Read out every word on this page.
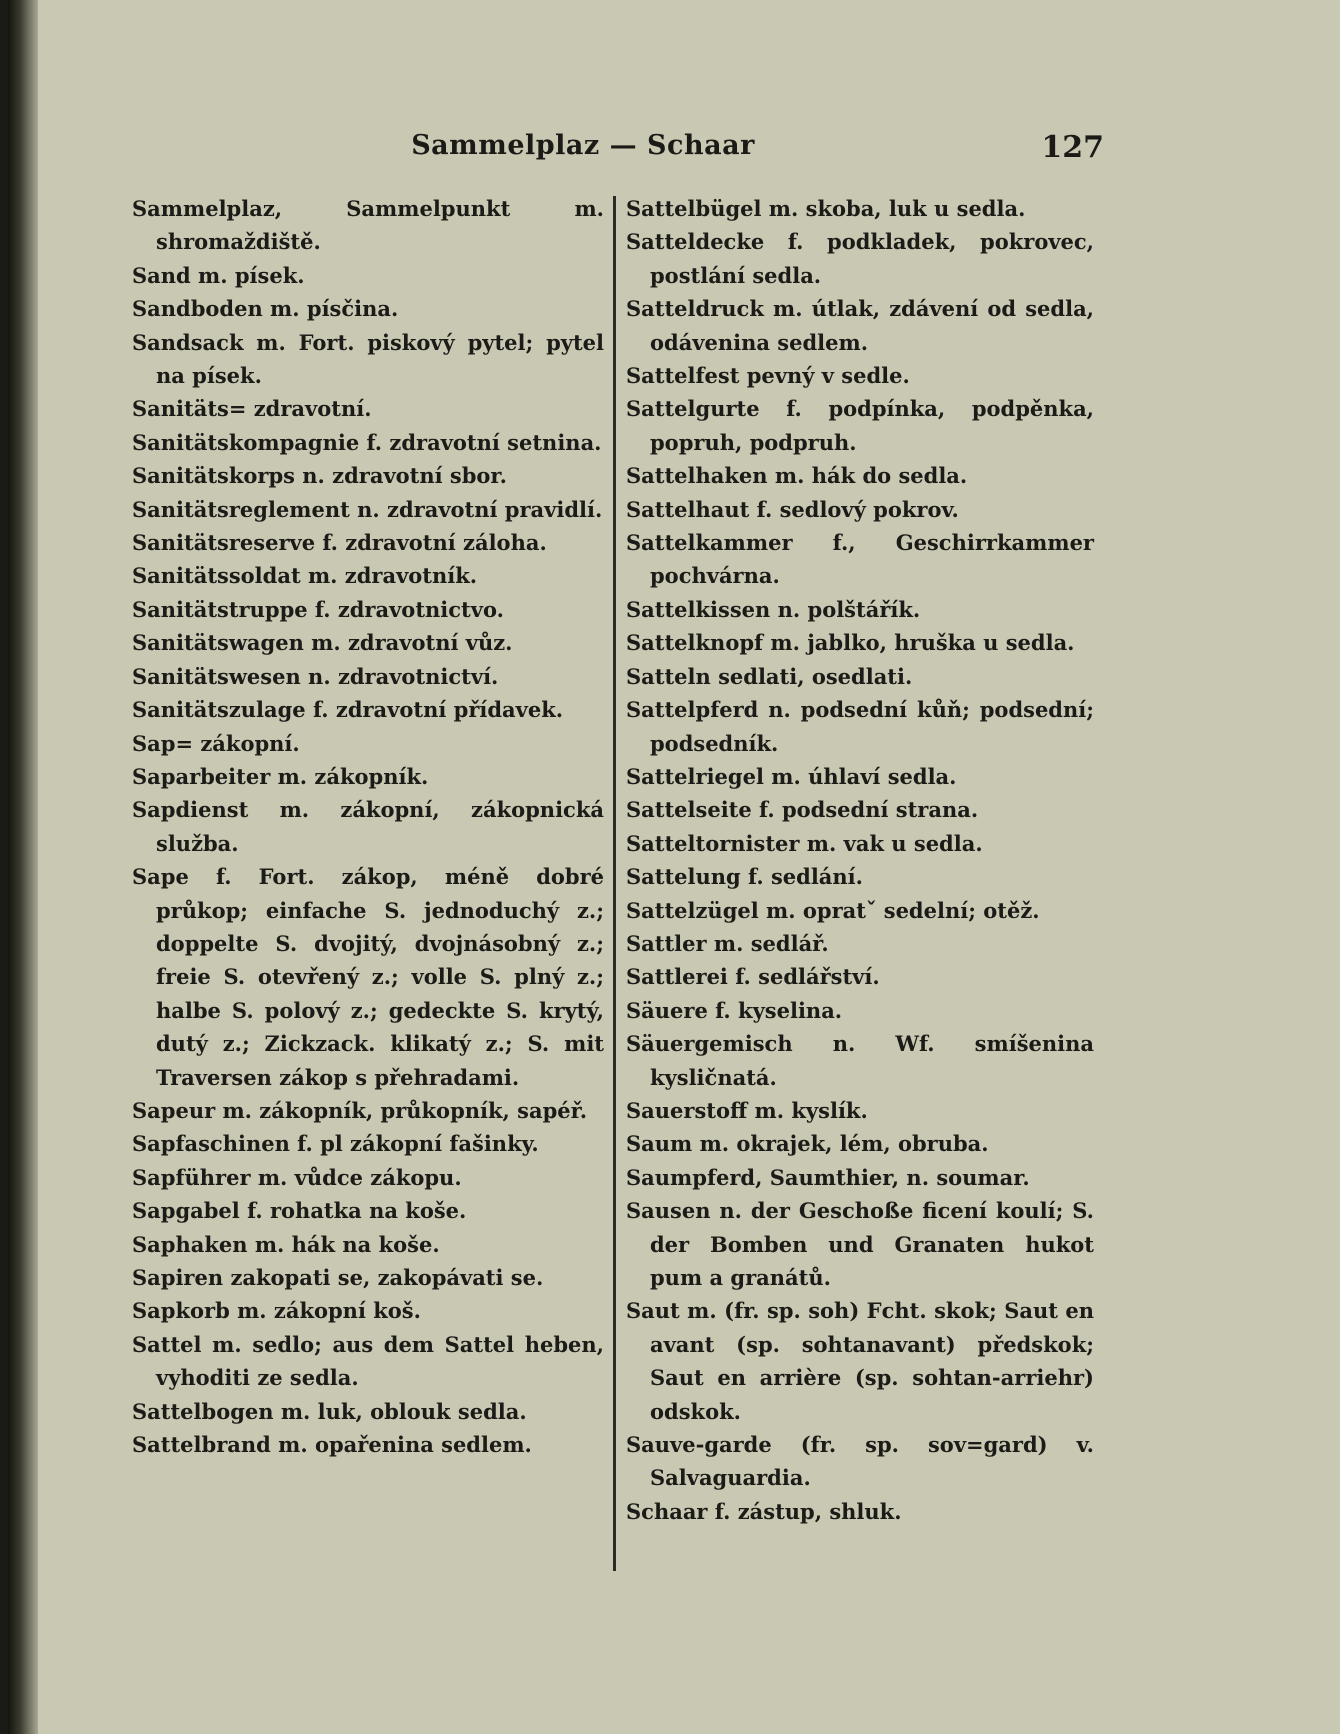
Sammelplaz — Schaar	127

Sammelplaz, Sammelpunkt m. shromaždiště.

Sand m. písek.

Sandboden m. písčina.

Sandsack m. Fort. piskový pytel; pytel na písek.

Sanitäts= zdravotní.

Sanitätskompagnie f. zdravotní setnina.

Sanitätskorps n. zdravotní sbor.

Sanitätsreglement n. zdravotní pravidlí.

Sanitätsreserve f. zdravotní záloha.

Sanitätssoldat m. zdravotník.

Sanitätstruppe f. zdravotnictvo.

Sanitätswagen m. zdravotní vůz.

Sanitätswesen n. zdravotnictví.

Sanitätszulage f. zdravotní přídavek.

Sap= zákopní.

Saparbeiter m. zákopník.

Sapdienst m. zákopní, zákopnická služba.

Sape f. Fort. zákop, méně dobré průkop; einfache S. jednoduchý z.; doppelte S. dvojitý, dvojnásobný z.; freie S. otevřený z.; volle S. plný z.; halbe S. polový z.; gedeckte S. krytý, dutý z.; Zickzack. klikatý z.; S. mit Traversen zákop s přehradami.

Sapeur m. zákopník, průkopník, sapéř.

Sapfaschinen f. pl zákopní fašinky.

Sapführer m. vůdce zákopu.

Sapgabel f. rohatka na koše.

Saphaken m. hák na koše.

Sapiren zakopati se, zakopávati se.

Sapkorb m. zákopní koš.

Sattel m. sedlo; aus dem Sattel heben, vyhoditi ze sedla.

Sattelbogen m. luk, oblouk sedla.

Sattelbrand m. opařenina sedlem.

Sattelbügel m. skoba, luk u sedla.

Satteldecke f. podkladek, pokrovec, postlání sedla.

Satteldruck m. útlak, zdávení od sedla, odávenina sedlem.

Sattelfest pevný v sedle.

Sattelgurte f. podpínka, podpěnka, popruh, podpruh.

Sattelhaken m. hák do sedla.

Sattelhaut f. sedlový pokrov.

Sattelkammer f., Geschirrkammer pochvárna.

Sattelkissen n. polštářík.

Sattelknopf m. jablko, hruška u sedla.

Satteln sedlati, osedlati.

Sattelpferd n. podsední kůň; podsední; podsedník.

Sattelriegel m. úhlaví sedla.

Sattelseite f. podsední strana.

Satteltornister m. vak u sedla.

Sattelung f. sedlání.

Sattelzügel m. opratˇ sedelní; otěž.

Sattler m. sedlář.

Sattlerei f. sedlářství.

Säuere f. kyselina.

Säuergemisch n. Wf. smíšenina kysličnatá.

Sauerstoff m. kyslík.

Saum m. okrajek, lém, obruba.

Saumpferd, Saumthier, n. soumar.

Sausen n. der Geschoße ficení koulí; S. der Bomben und Granaten hukot pum a granátů.

Saut m. (fr. sp. soh) Fcht. skok; Saut en avant (sp. sohtanavant) předskok; Saut en arrière (sp. sohtan-arriehr) odskok.

Sauve-garde (fr. sp. sov=gard) v. Salvaguardia.

Schaar f. zástup, shluk.
